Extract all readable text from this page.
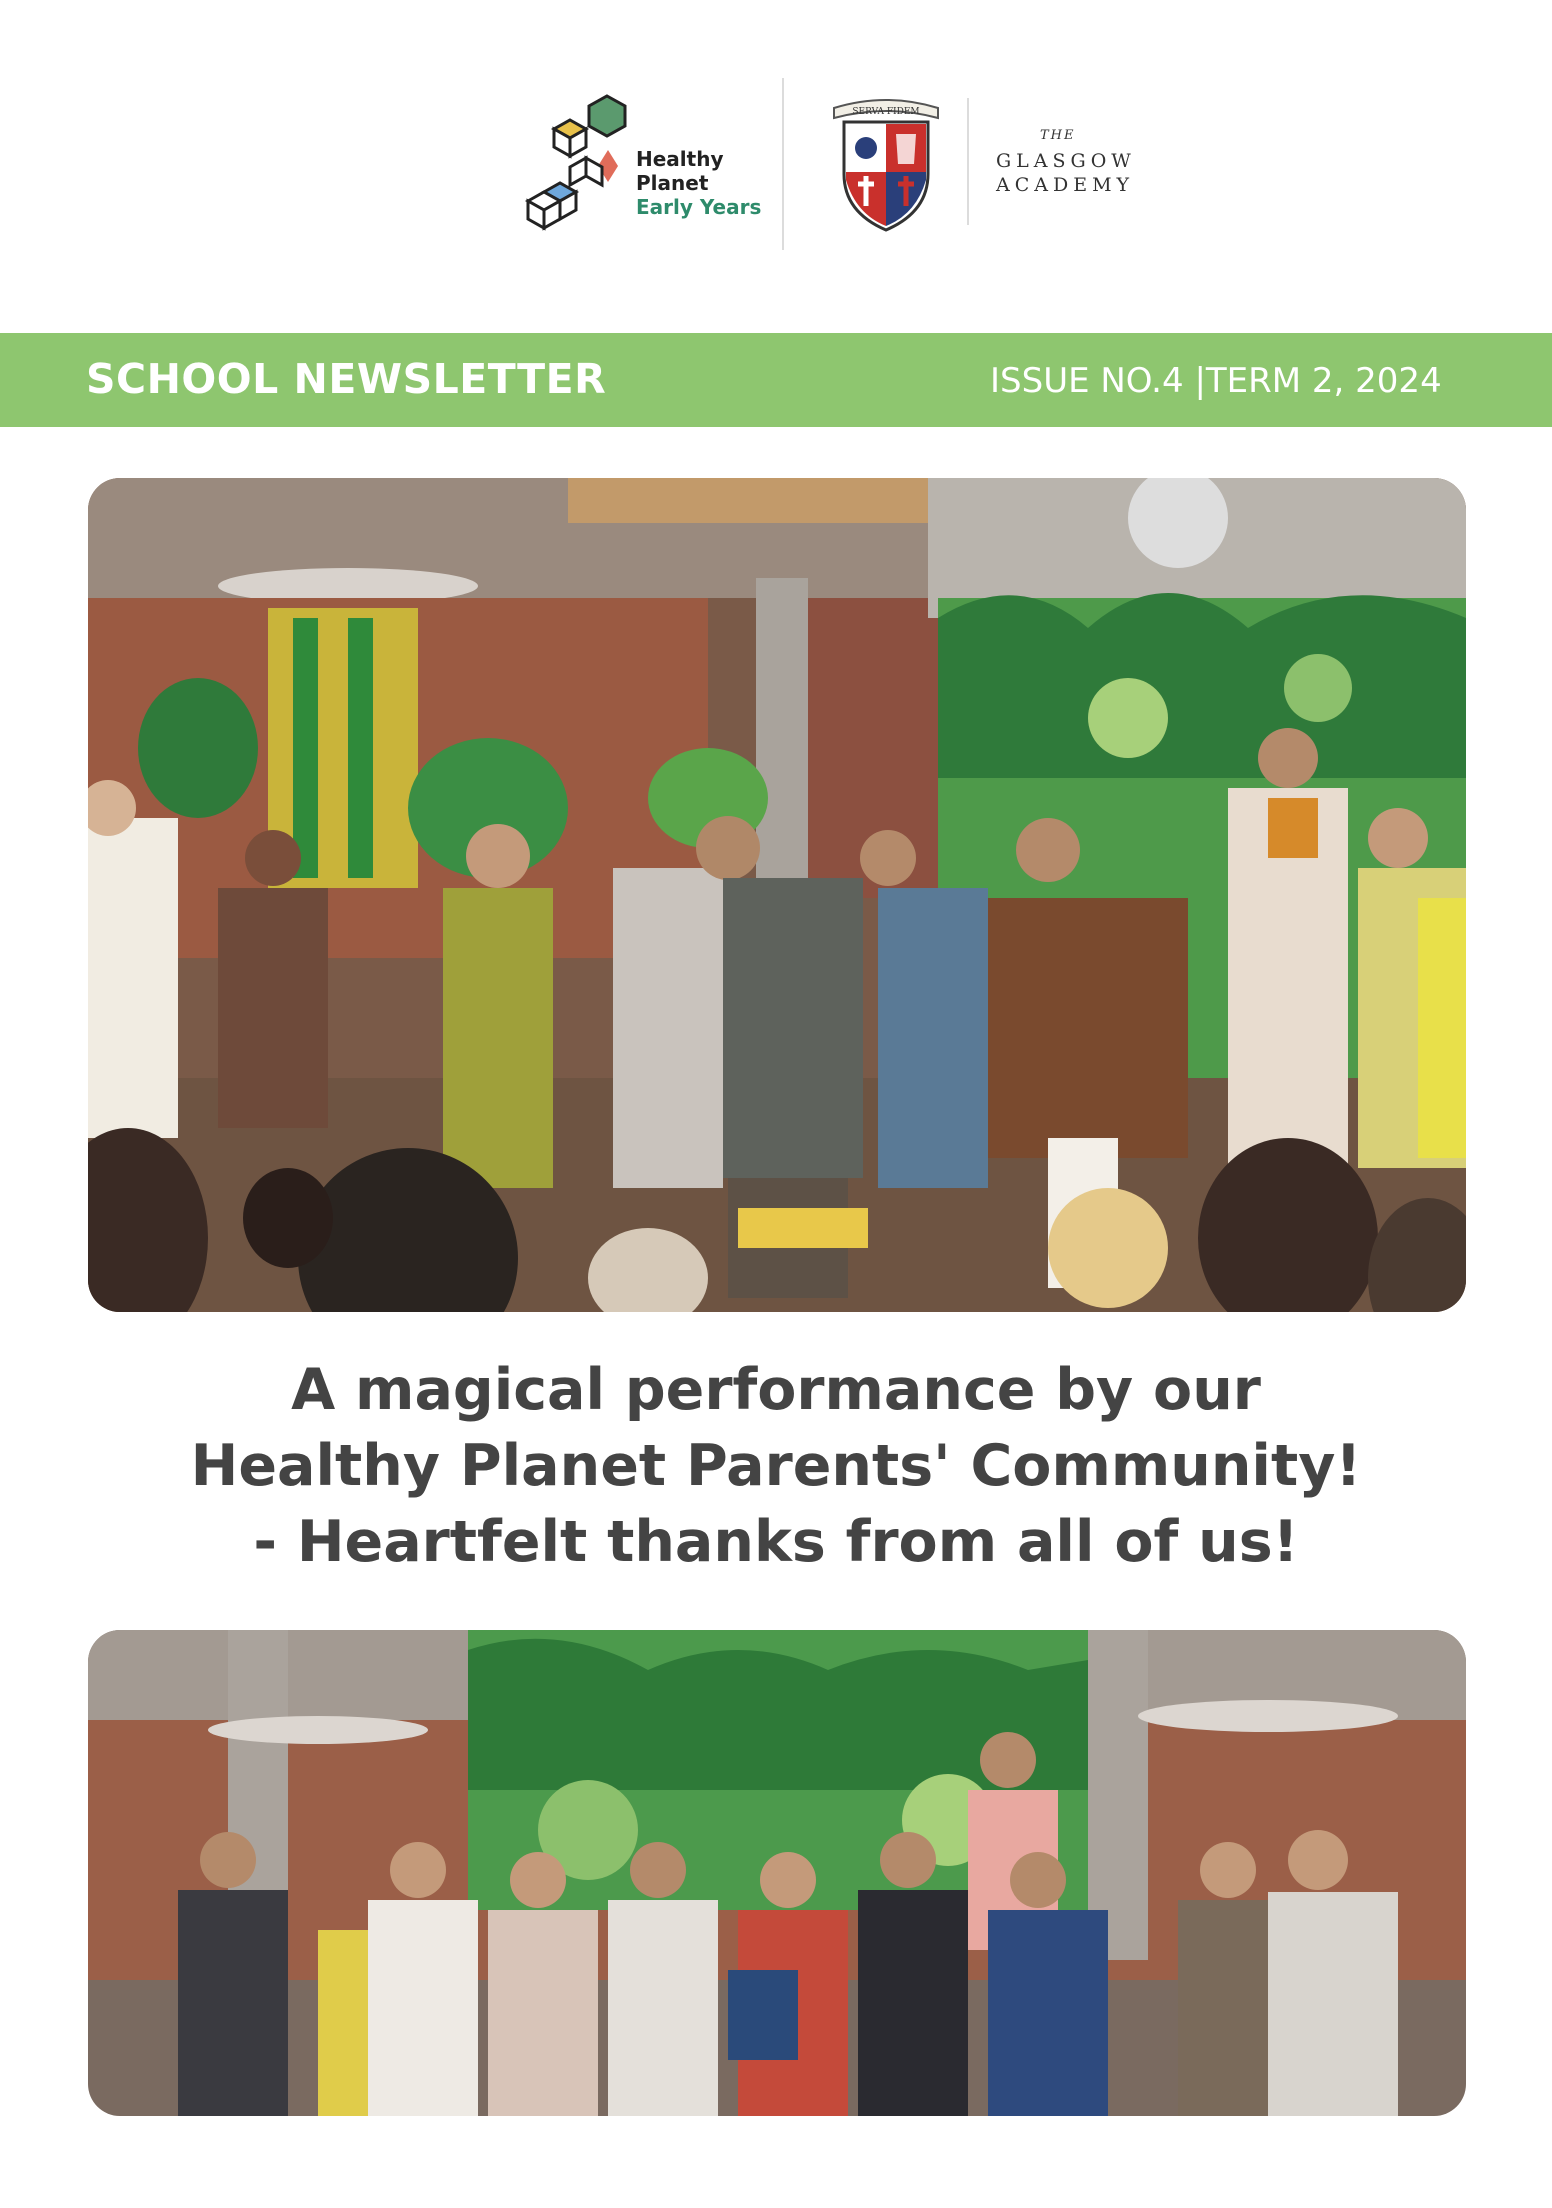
Healthy
Planet
Early Years
SERVA FIDEM
THE
GLASGOW
ACADEMY
SCHOOL NEWSLETTER	ISSUE NO.4 |TERM 2, 2024
A magical performance by our
Healthy Planet Parents' Community!
- Heartfelt thanks from all of us!
